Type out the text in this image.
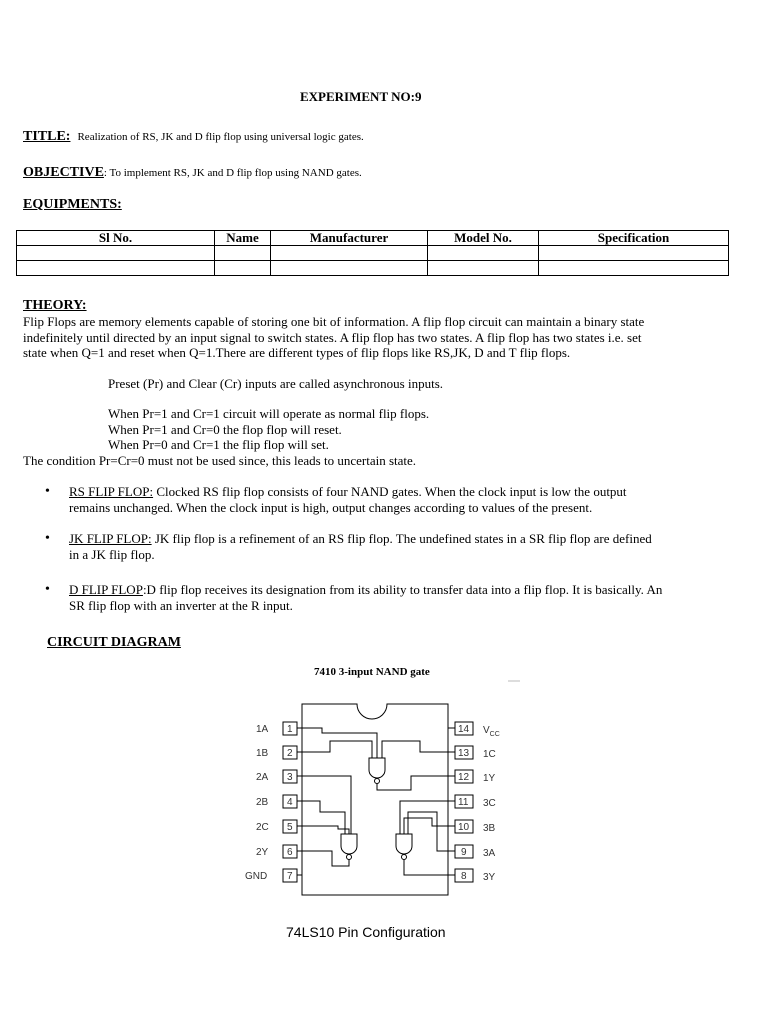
EXPERIMENT NO:9
TITLE: Realization of RS, JK and D flip flop using universal logic gates.
OBJECTIVE: To implement RS, JK and D flip flop using NAND gates.
EQUIPMENTS:
Sl No.	Name	Manufacturer	Model No.	Specification

THEORY:
Flip Flops are memory elements capable of storing one bit of information. A flip flop circuit can maintain a binary state
indefinitely until directed by an input signal to switch states. A flip flop has two states. A flip flop has two states i.e. set
state when Q=1 and reset when Q=1.There are different types of flip flops like RS,JK, D and T flip flops.
Preset (Pr) and Clear (Cr) inputs are called asynchronous inputs.
When Pr=1 and Cr=1 circuit will operate as normal flip flops.
When Pr=1 and Cr=0 the flop flop will reset.
When Pr=0 and Cr=1 the flip flop will set.
The condition Pr=Cr=0 must not be used since, this leads to uncertain state.
• RS FLIP FLOP: Clocked RS flip flop consists of four NAND gates. When the clock input is low the output
remains unchanged. When the clock input is high, output changes according to values of the present.
• JK FLIP FLOP: JK flip flop is a refinement of an RS flip flop. The undefined states in a SR flip flop are defined
in a JK flip flop.
• D FLIP FLOP:D flip flop receives its designation from its ability to transfer data into a flip flop. It is basically. An
SR flip flop with an inverter at the R input.
CIRCUIT DIAGRAM
7410 3-input NAND gate
1A
1B
2A
2B
2C
2Y
GND
1
2
3
4
5
6
7
14
13
12
11
10
9
8
$V_{CC}$
1C
1Y
3C
3B
3A
3Y
74LS10 Pin Configuration
